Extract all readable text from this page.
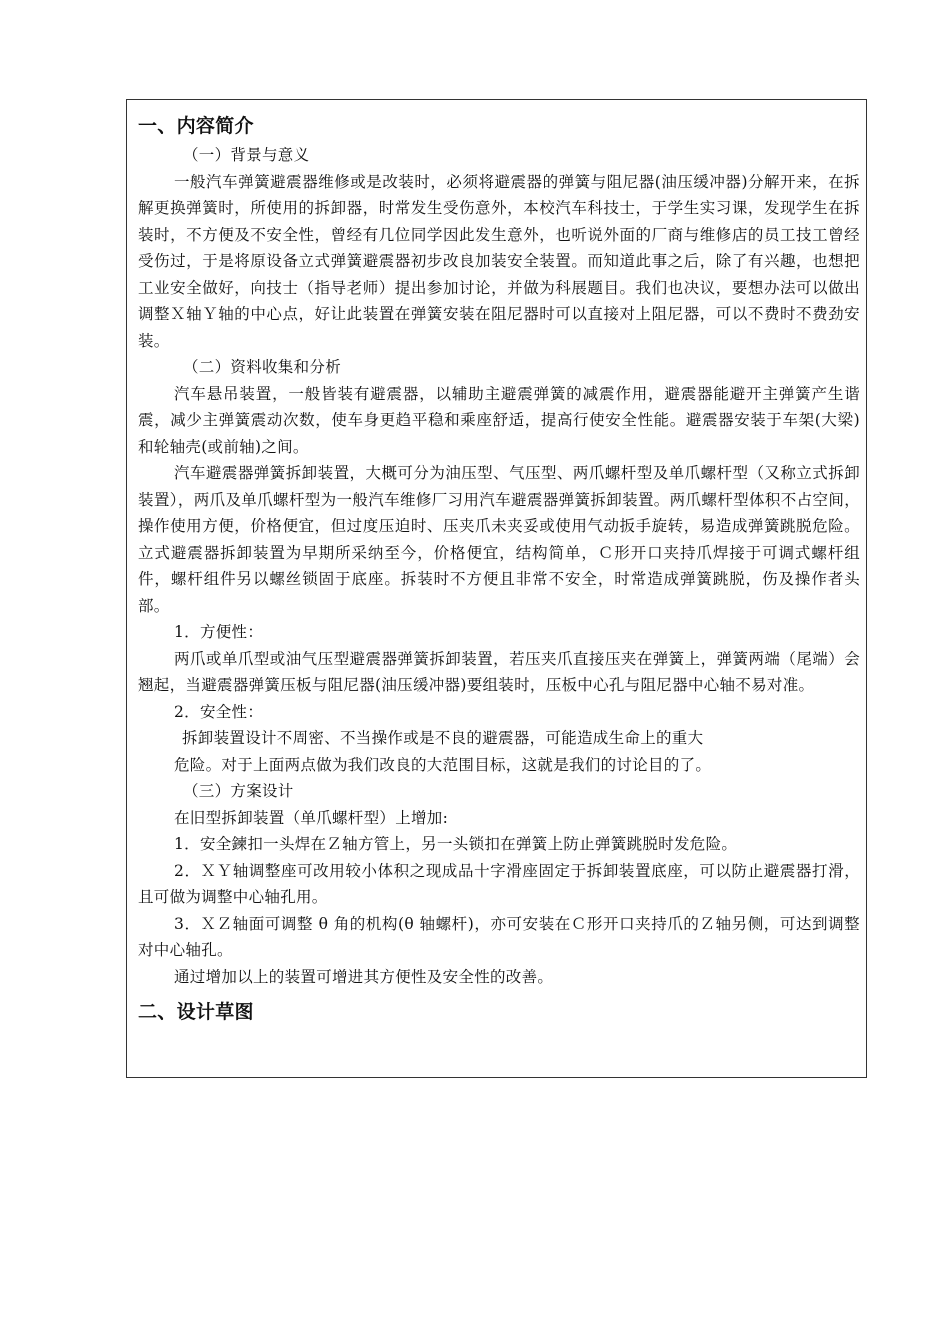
一、内容简介

（一）背景与意义

一般汽车弹簧避震器维修或是改装时，必须将避震器的弹簧与阻尼器(油压缓冲器)分解开来，在拆解更换弹簧时，所使用的拆卸器，时常发生受伤意外，本校汽车科技士，于学生实习课，发现学生在拆装时，不方便及不安全性，曾经有几位同学因此发生意外，也听说外面的厂商与维修店的员工技工曾经受伤过，于是将原设备立式弹簧避震器初步改良加装安全装置。而知道此事之后，除了有兴趣，也想把工业安全做好，向技士（指导老师）提出参加讨论，并做为科展题目。我们也决议，要想办法可以做出调整Ｘ轴Ｙ轴的中心点，好让此装置在弹簧安装在阻尼器时可以直接对上阻尼器，可以不费时不费劲安装。

（二）资料收集和分析

汽车悬吊装置，一般皆装有避震器，以辅助主避震弹簧的减震作用，避震器能避开主弹簧产生谐震，减少主弹簧震动次数，使车身更趋平稳和乘座舒适，提高行使安全性能。避震器安装于车架(大梁)和轮轴壳(或前轴)之间。

汽车避震器弹簧拆卸装置，大概可分为油压型、气压型、两爪螺杆型及单爪螺杆型（又称立式拆卸装置），两爪及单爪螺杆型为一般汽车维修厂习用汽车避震器弹簧拆卸装置。两爪螺杆型体积不占空间，操作使用方便，价格便宜，但过度压迫时、压夹爪未夹妥或使用气动扳手旋转，易造成弹簧跳脱危险。立式避震器拆卸装置为早期所采纳至今，价格便宜，结构简单，Ｃ形开口夹持爪焊接于可调式螺杆组件，螺杆组件另以螺丝锁固于底座。拆装时不方便且非常不安全，时常造成弹簧跳脱，伤及操作者头部。

1．方便性：

两爪或单爪型或油气压型避震器弹簧拆卸装置，若压夹爪直接压夹在弹簧上，弹簧两端（尾端）会翘起，当避震器弹簧压板与阻尼器(油压缓冲器)要组装时，压板中心孔与阻尼器中心轴不易对准。

2．安全性：

拆卸装置设计不周密、不当操作或是不良的避震器，可能造成生命上的重大

危险。对于上面两点做为我们改良的大范围目标，这就是我们的讨论目的了。

（三）方案设计

在旧型拆卸装置（单爪螺杆型）上增加:

1．安全鍊扣一头焊在Ｚ轴方管上，另一头锁扣在弹簧上防止弹簧跳脱时发危险。

2．ＸＹ轴调整座可改用较小体积之现成品十字滑座固定于拆卸装置底座，可以防止避震器打滑，且可做为调整中心轴孔用。

3．ＸＺ轴面可调整 θ 角的机构(θ 轴螺杆)，亦可安装在Ｃ形开口夹持爪的Ｚ轴另侧，可达到调整对中心轴孔。

通过增加以上的装置可增进其方便性及安全性的改善。

二、设计草图
